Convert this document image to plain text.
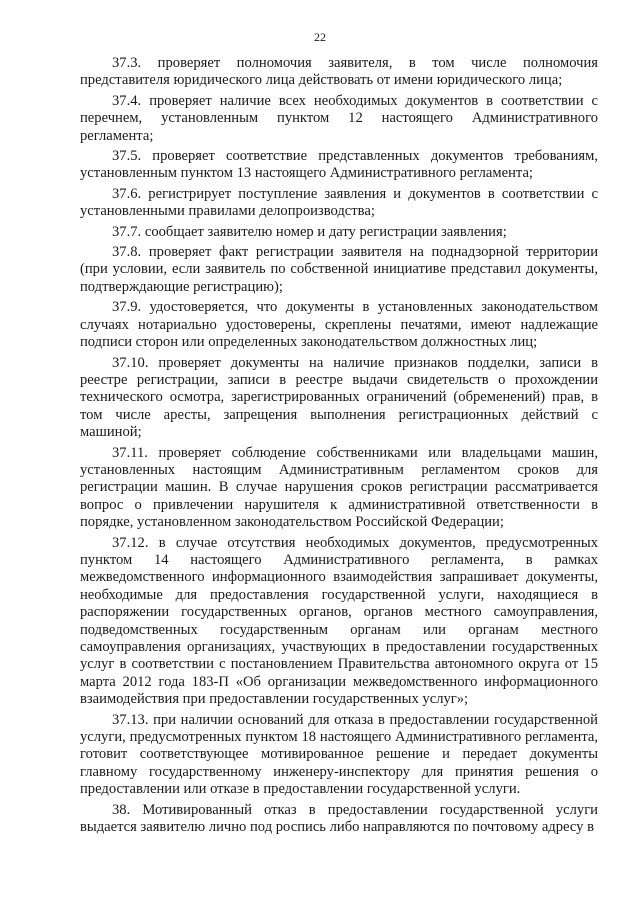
22

37.3. проверяет полномочия заявителя, в том числе полномочия представителя юридического лица действовать от имени юридического лица;

37.4. проверяет наличие всех необходимых документов в соответствии с перечнем, установленным пунктом 12 настоящего Административного регламента;

37.5. проверяет соответствие представленных документов требованиям, установленным пунктом 13 настоящего Административного регламента;

37.6. регистрирует поступление заявления и документов в соответствии с установленными правилами делопроизводства;

37.7. сообщает заявителю номер и дату регистрации заявления;

37.8. проверяет факт регистрации заявителя на поднадзорной территории (при условии, если заявитель по собственной инициативе представил документы, подтверждающие регистрацию);

37.9. удостоверяется, что документы в установленных законодательством случаях нотариально удостоверены, скреплены печатями, имеют надлежащие подписи сторон или определенных законодательством должностных лиц;

37.10. проверяет документы на наличие признаков подделки, записи в реестре регистрации, записи в реестре выдачи свидетельств о прохождении технического осмотра, зарегистрированных ограничений (обременений) прав, в том числе аресты, запрещения выполнения регистрационных действий с машиной;

37.11. проверяет соблюдение собственниками или владельцами машин, установленных настоящим Административным регламентом сроков для регистрации машин. В случае нарушения сроков регистрации рассматривается вопрос о привлечении нарушителя к административной ответственности в порядке, установленном законодательством Российской Федерации;

37.12. в случае отсутствия необходимых документов, предусмотренных пунктом 14 настоящего Административного регламента, в рамках межведомственного информационного взаимодействия запрашивает документы, необходимые для предоставления государственной услуги, находящиеся в распоряжении государственных органов, органов местного самоуправления, подведомственных государственным органам или органам местного самоуправления организациях, участвующих в предоставлении государственных услуг в соответствии с постановлением Правительства автономного округа от 15 марта 2012 года 183-П «Об организации межведомственного информационного взаимодействия при предоставлении государственных услуг»;

37.13. при наличии оснований для отказа в предоставлении государственной услуги, предусмотренных пунктом 18 настоящего Административного регламента, готовит соответствующее мотивированное решение и передает документы главному государственному инженеру-инспектору для принятия решения о предоставлении или отказе в предоставлении государственной услуги.

38. Мотивированный отказ в предоставлении государственной услуги выдается заявителю лично под роспись либо направляются по почтовому адресу в
